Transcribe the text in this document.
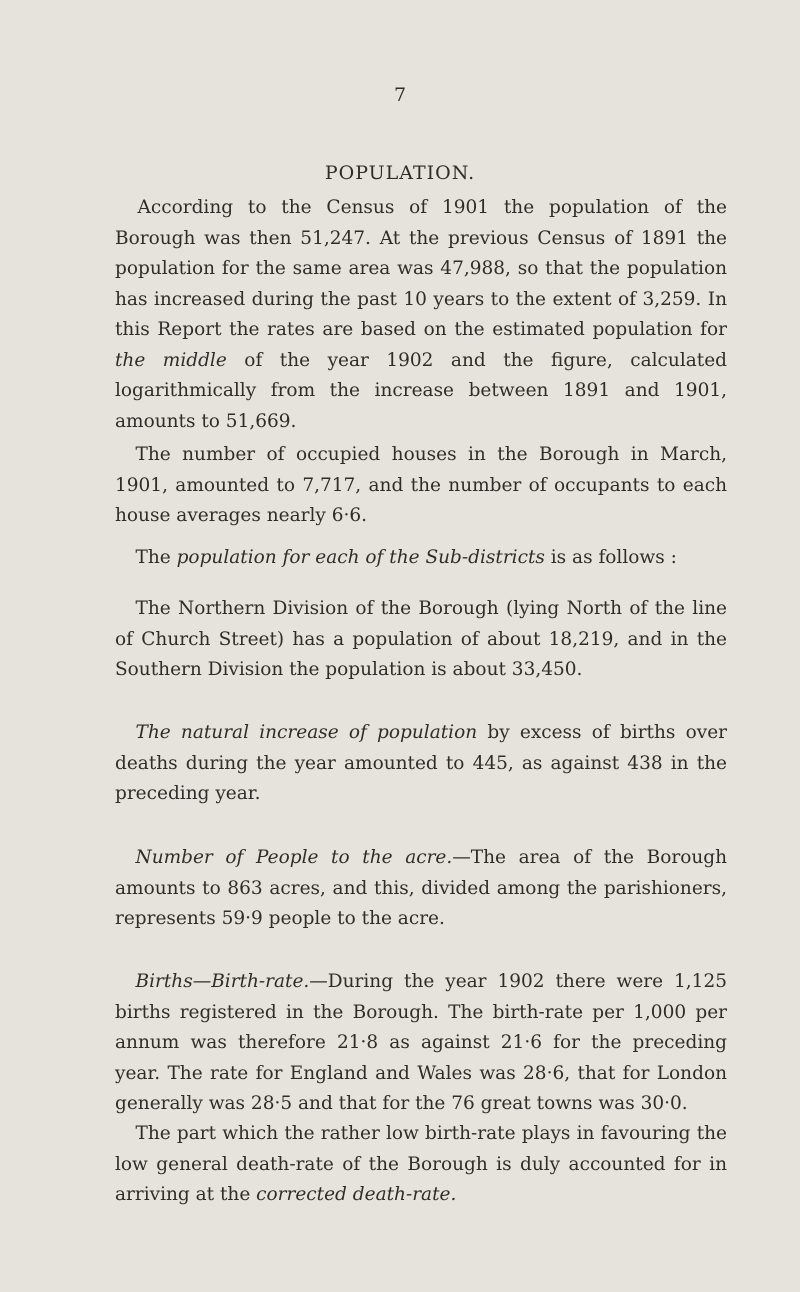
7
POPULATION.

 According to the Census of 1901 the population of the Borough was then 51,247. At the previous Census of 1891 the population for the same area was 47,988, so that the population has increased during the past 10 years to the extent of 3,259. In this Report the rates are based on the estimated population for the middle of the year 1902 and the figure, calculated logarithmically from the increase between 1891 and 1901, amounts to 51,669.

 The number of occupied houses in the Borough in March, 1901, amounted to 7,717, and the number of occupants to each house averages nearly 6·6.

 The population for each of the Sub-districts is as follows :

 The Northern Division of the Borough (lying North of the line of Church Street) has a population of about 18,219, and in the Southern Division the population is about 33,450.

 The natural increase of population by excess of births over deaths during the year amounted to 445, as against 438 in the preceding year.

 Number of People to the acre.—The area of the Borough amounts to 863 acres, and this, divided among the parishioners, represents 59·9 people to the acre.

 Births—Birth-rate.—During the year 1902 there were 1,125 births registered in the Borough. The birth-rate per 1,000 per annum was therefore 21·8 as against 21·6 for the preceding year. The rate for England and Wales was 28·6, that for London generally was 28·5 and that for the 76 great towns was 30·0.

 The part which the rather low birth-rate plays in favouring the low general death-rate of the Borough is duly accounted for in arriving at the corrected death-rate.
